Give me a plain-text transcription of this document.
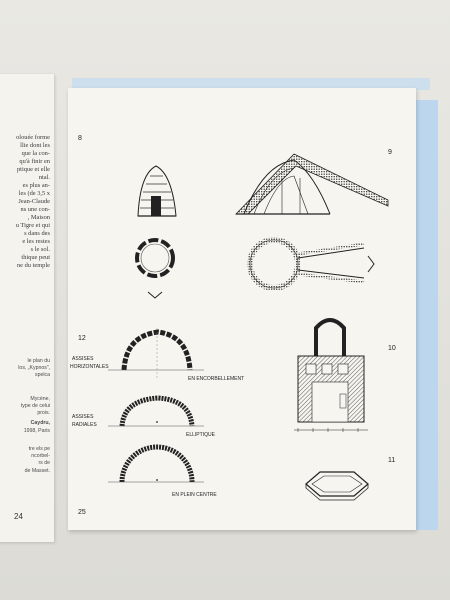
olouée forme
llie dont les
que la con-
qu'à finir en
ptique et elle
ntal.
es plus an-
les (de 3,5 x
Jean-Claude
ns une con-
, Maison
u Tigre et qui
s dans des
e les restes
s le sol.
thique peut
ne du temple
le plan du
los, „Kypnos”,
spelca
Mycène,
type de celui
prois.
Caydru,
1998, Paris
tre els pe
ncorbel-
rs de
de Masset.
24
8
9
12
10
11
25
ASSISES
HORIZONTALES
EN ENCORBELLEMENT
ASSISES
RADIALES
ELLIPTIQUE
EN PLEIN CENTRE
